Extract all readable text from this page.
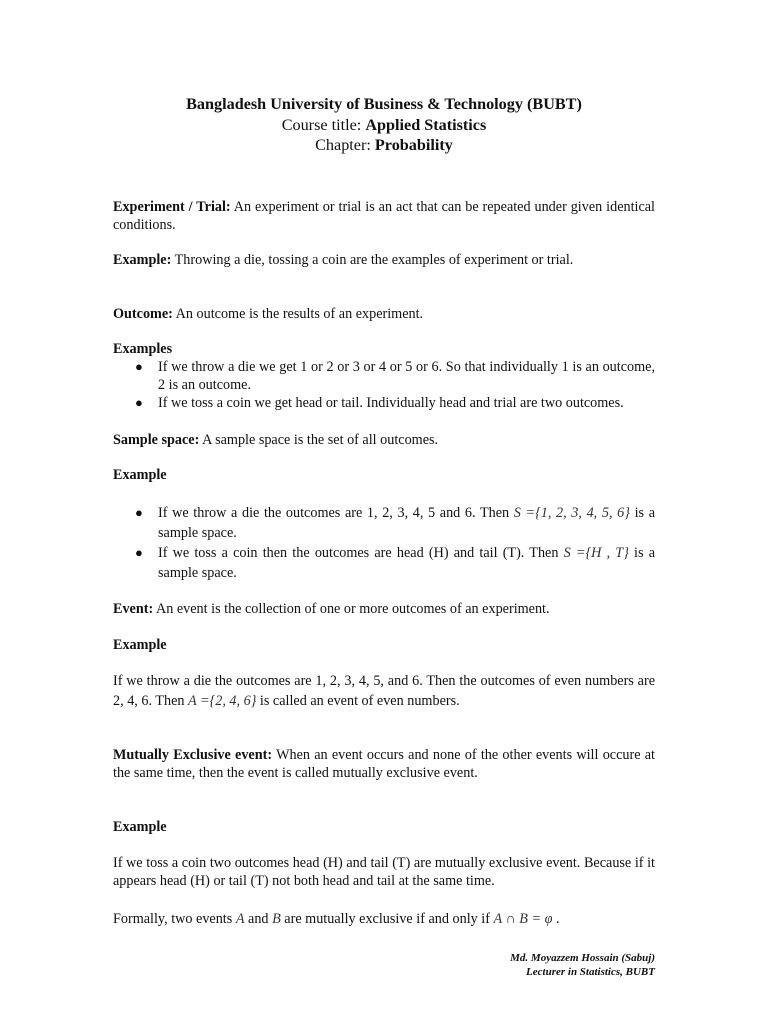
Bangladesh University of Business & Technology (BUBT)
Course title: Applied Statistics
Chapter: Probability

Experiment / Trial: An experiment or trial is an act that can be repeated under given identical conditions.

Example: Throwing a die, tossing a coin are the examples of experiment or trial.

Outcome: An outcome is the results of an experiment.

Examples
● If we throw a die we get 1 or 2 or 3 or 4 or 5 or 6. So that individually 1 is an outcome, 2 is an outcome.
● If we toss a coin we get head or tail. Individually head and trial are two outcomes.

Sample space: A sample space is the set of all outcomes.

Example
● If we throw a die the outcomes are 1, 2, 3, 4, 5 and 6. Then S ={1, 2, 3, 4, 5, 6} is a sample space.
● If we toss a coin then the outcomes are head (H) and tail (T). Then S ={H , T} is a sample space.

Event: An event is the collection of one or more outcomes of an experiment.

Example

If we throw a die the outcomes are 1, 2, 3, 4, 5, and 6. Then the outcomes of even numbers are 2, 4, 6. Then A ={2, 4, 6} is called an event of even numbers.

Mutually Exclusive event: When an event occurs and none of the other events will occure at the same time, then the event is called mutually exclusive event.

Example

If we toss a coin two outcomes head (H) and tail (T) are mutually exclusive event. Because if it appears head (H) or tail (T) not both head and tail at the same time.

Formally, two events A and B are mutually exclusive if and only if A ∩ B = φ .

Md. Moyazzem Hossain (Sabuj)
Lecturer in Statistics, BUBT
